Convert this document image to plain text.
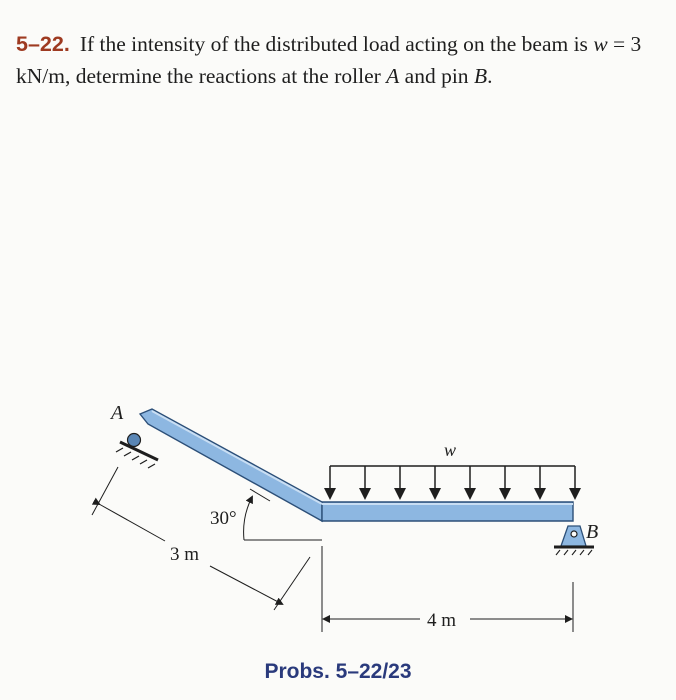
5–22. If the intensity of the distributed load acting on the beam is w = 3 kN/m, determine the reactions at the roller A and pin B.
A
B
w
30°
3 m
4 m
Probs. 5–22/23
